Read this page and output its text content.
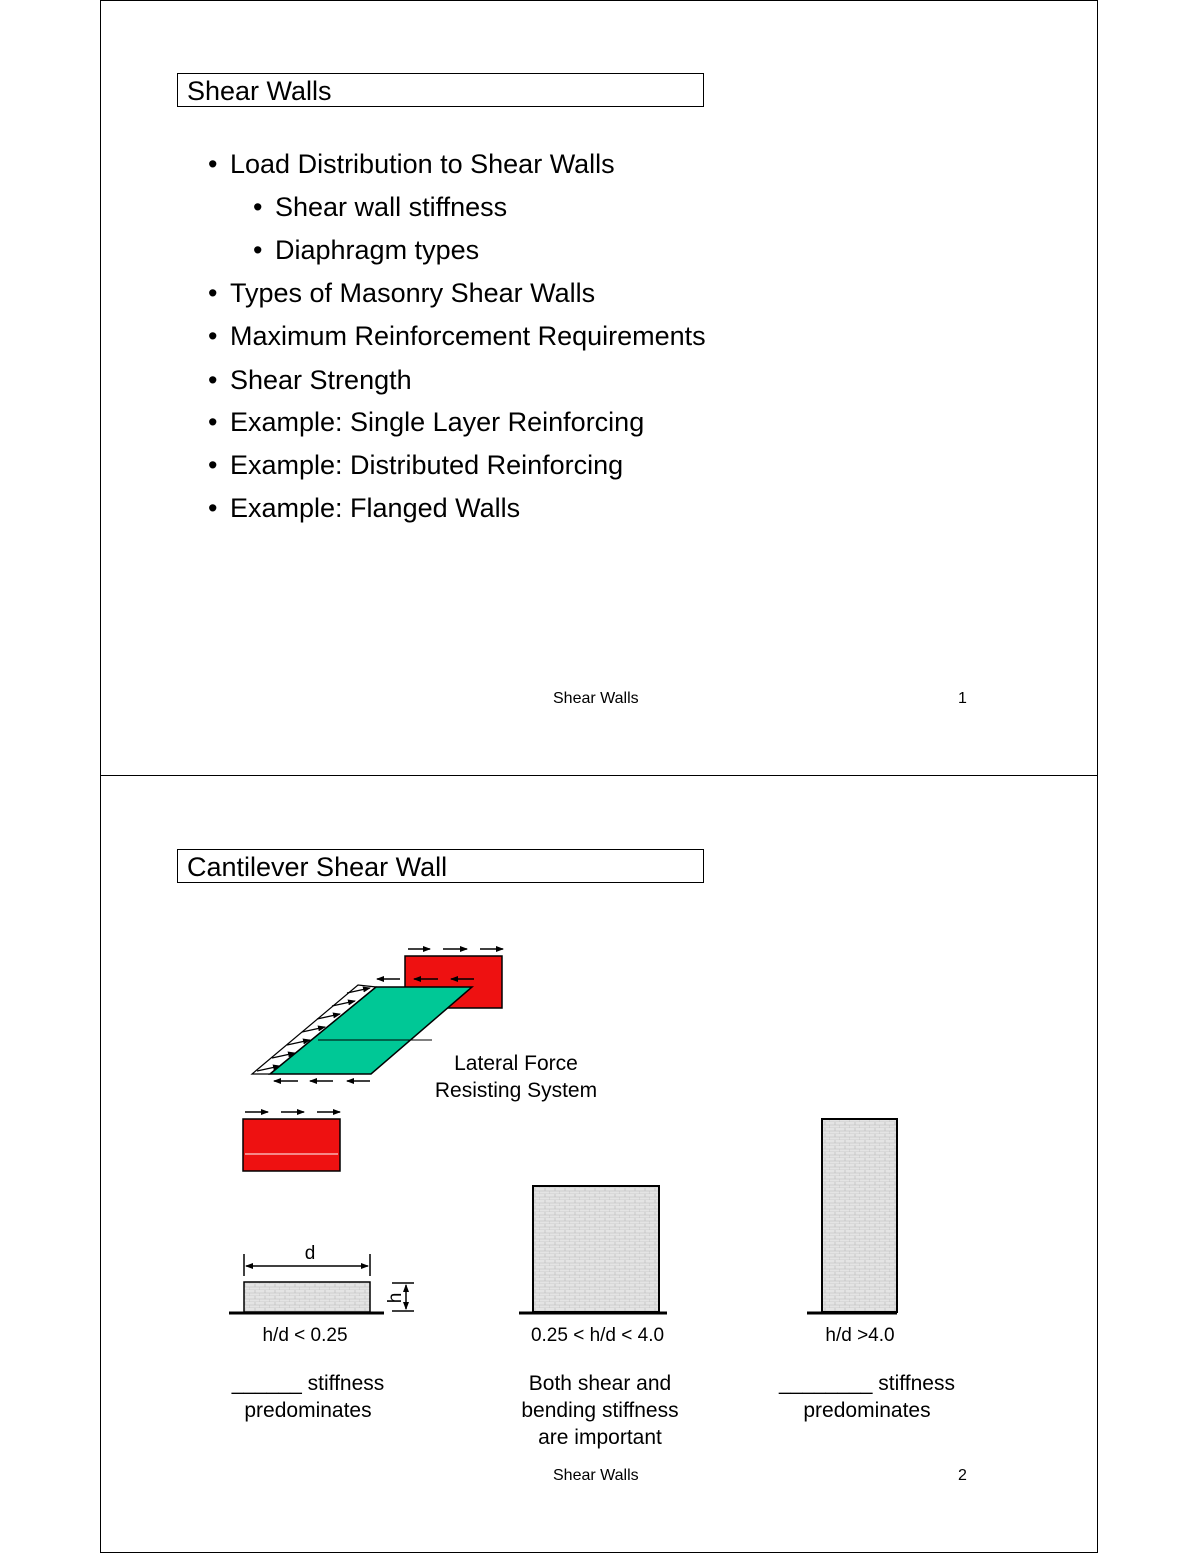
Shear Walls
• Load Distribution to Shear Walls
• Shear wall stiffness
• Diaphragm types
• Types of Masonry Shear Walls
• Maximum Reinforcement Requirements
• Shear Strength
• Example: Single Layer Reinforcing
• Example: Distributed Reinforcing
• Example: Flanged Walls
Shear Walls	1
Cantilever Shear Wall
Lateral Force
Resisting System
d
h
h/d < 0.25	0.25 < h/d < 4.0	h/d >4.0
______ stiffness
predominates
Both shear and
bending stiffness
are important
________ stiffness
predominates
Shear Walls	2
